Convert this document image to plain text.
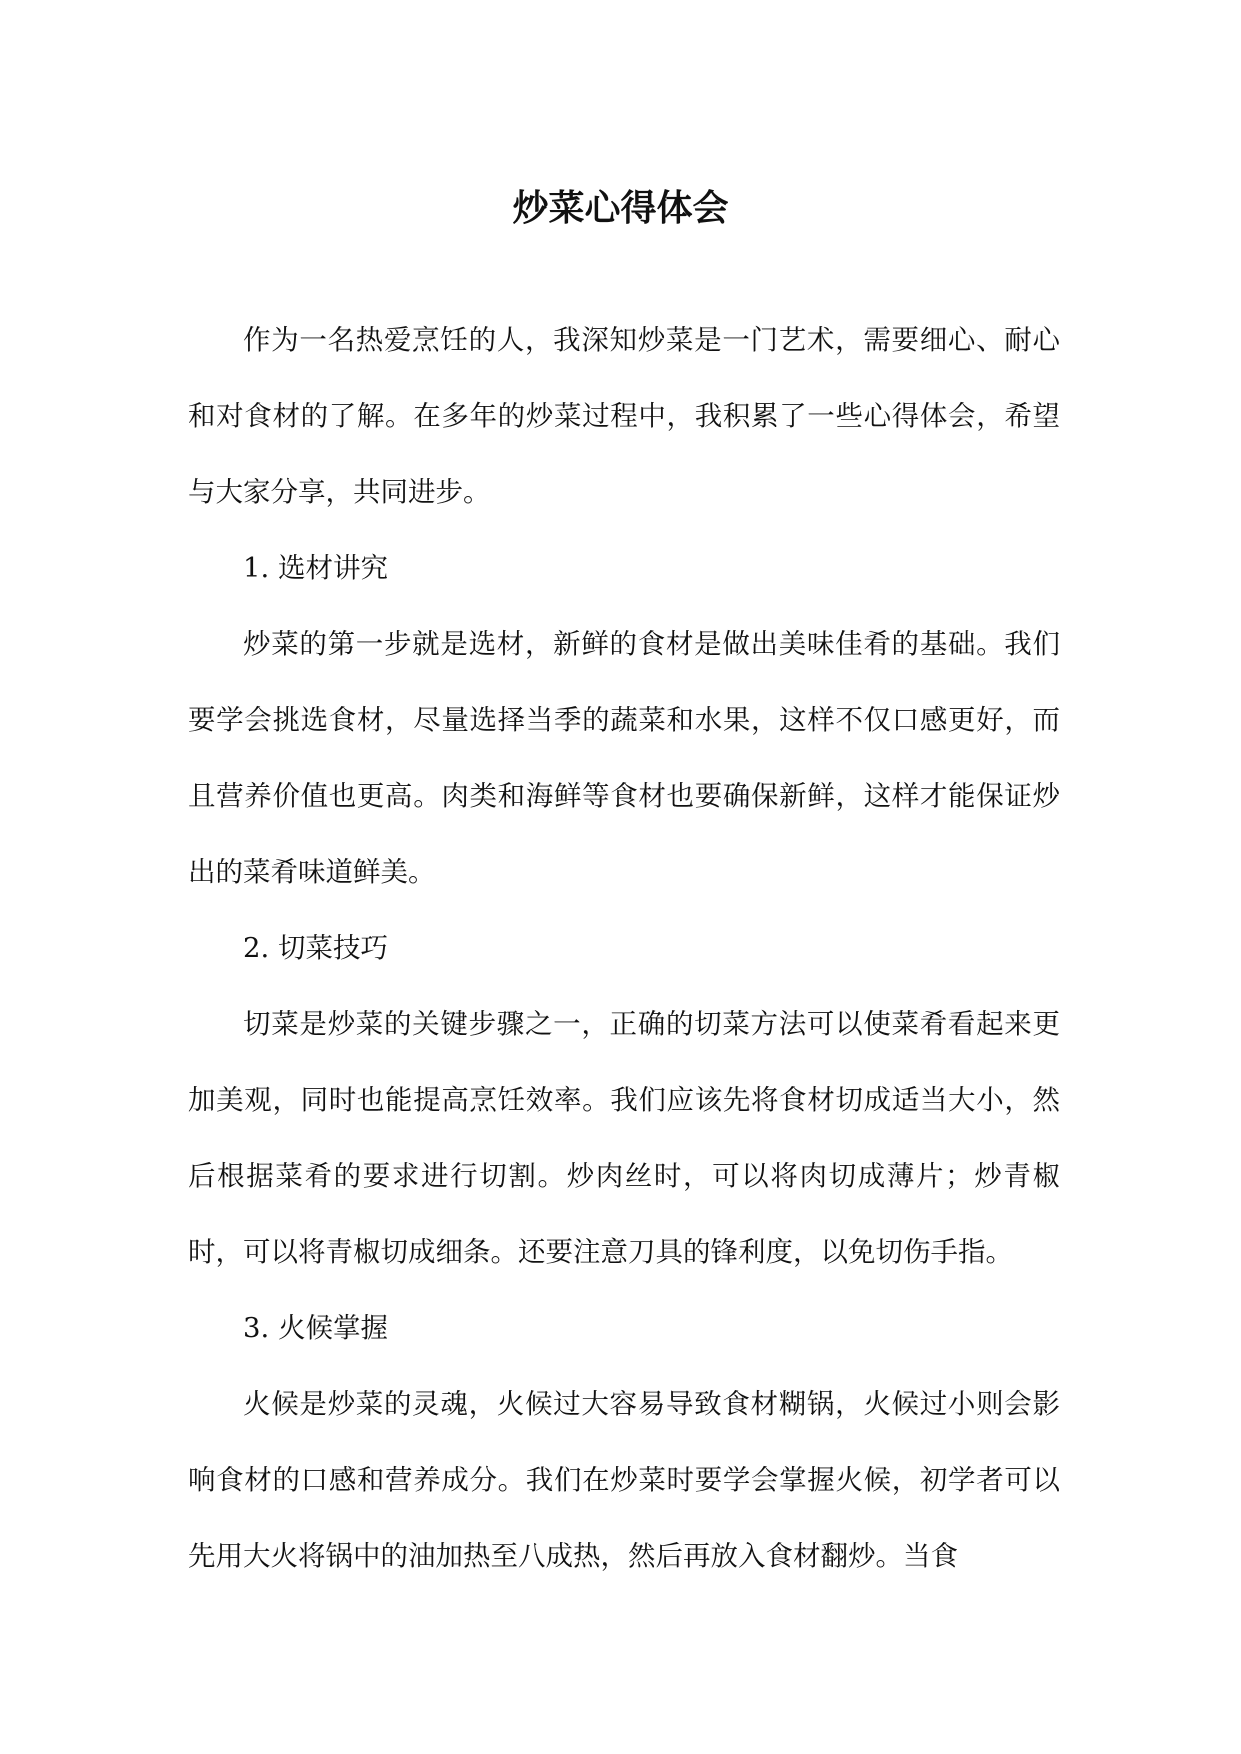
炒菜心得体会

作为一名热爱烹饪的人，我深知炒菜是一门艺术，需要细心、耐心和对食材的了解。在多年的炒菜过程中，我积累了一些心得体会，希望与大家分享，共同进步。

1. 选材讲究

炒菜的第一步就是选材，新鲜的食材是做出美味佳肴的基础。我们要学会挑选食材，尽量选择当季的蔬菜和水果，这样不仅口感更好，而且营养价值也更高。肉类和海鲜等食材也要确保新鲜，这样才能保证炒出的菜肴味道鲜美。

2. 切菜技巧

切菜是炒菜的关键步骤之一，正确的切菜方法可以使菜肴看起来更加美观，同时也能提高烹饪效率。我们应该先将食材切成适当大小，然后根据菜肴的要求进行切割。炒肉丝时，可以将肉切成薄片；炒青椒时，可以将青椒切成细条。还要注意刀具的锋利度，以免切伤手指。

3. 火候掌握

火候是炒菜的灵魂，火候过大容易导致食材糊锅，火候过小则会影响食材的口感和营养成分。我们在炒菜时要学会掌握火候，初学者可以先用大火将锅中的油加热至八成热，然后再放入食材翻炒。当食
